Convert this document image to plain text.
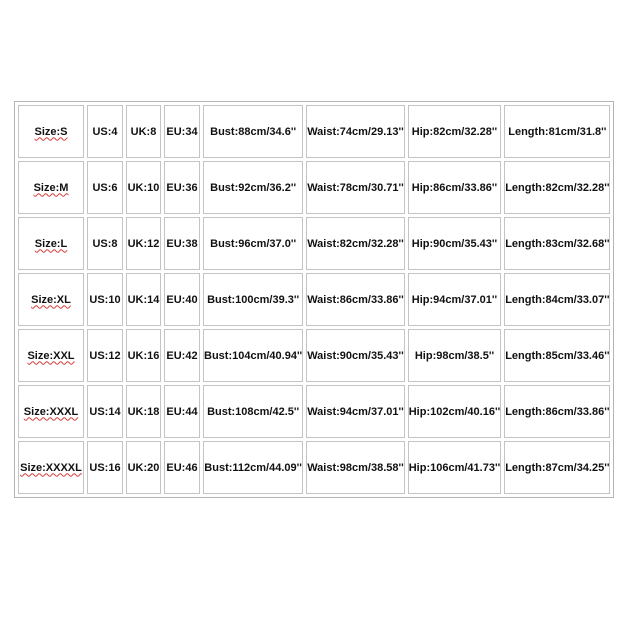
Size:S	US:4	UK:8	EU:34	Bust:88cm/34.6''	Waist:74cm/29.13''	Hip:82cm/32.28''	Length:81cm/31.8''
Size:M	US:6	UK:10	EU:36	Bust:92cm/36.2''	Waist:78cm/30.71''	Hip:86cm/33.86''	Length:82cm/32.28''
Size:L	US:8	UK:12	EU:38	Bust:96cm/37.0''	Waist:82cm/32.28''	Hip:90cm/35.43''	Length:83cm/32.68''
Size:XL	US:10	UK:14	EU:40	Bust:100cm/39.3''	Waist:86cm/33.86''	Hip:94cm/37.01''	Length:84cm/33.07''
Size:XXL	US:12	UK:16	EU:42	Bust:104cm/40.94''	Waist:90cm/35.43''	Hip:98cm/38.5''	Length:85cm/33.46''
Size:XXXL	US:14	UK:18	EU:44	Bust:108cm/42.5''	Waist:94cm/37.01''	Hip:102cm/40.16''	Length:86cm/33.86''
Size:XXXXL	US:16	UK:20	EU:46	Bust:112cm/44.09''	Waist:98cm/38.58''	Hip:106cm/41.73''	Length:87cm/34.25''
